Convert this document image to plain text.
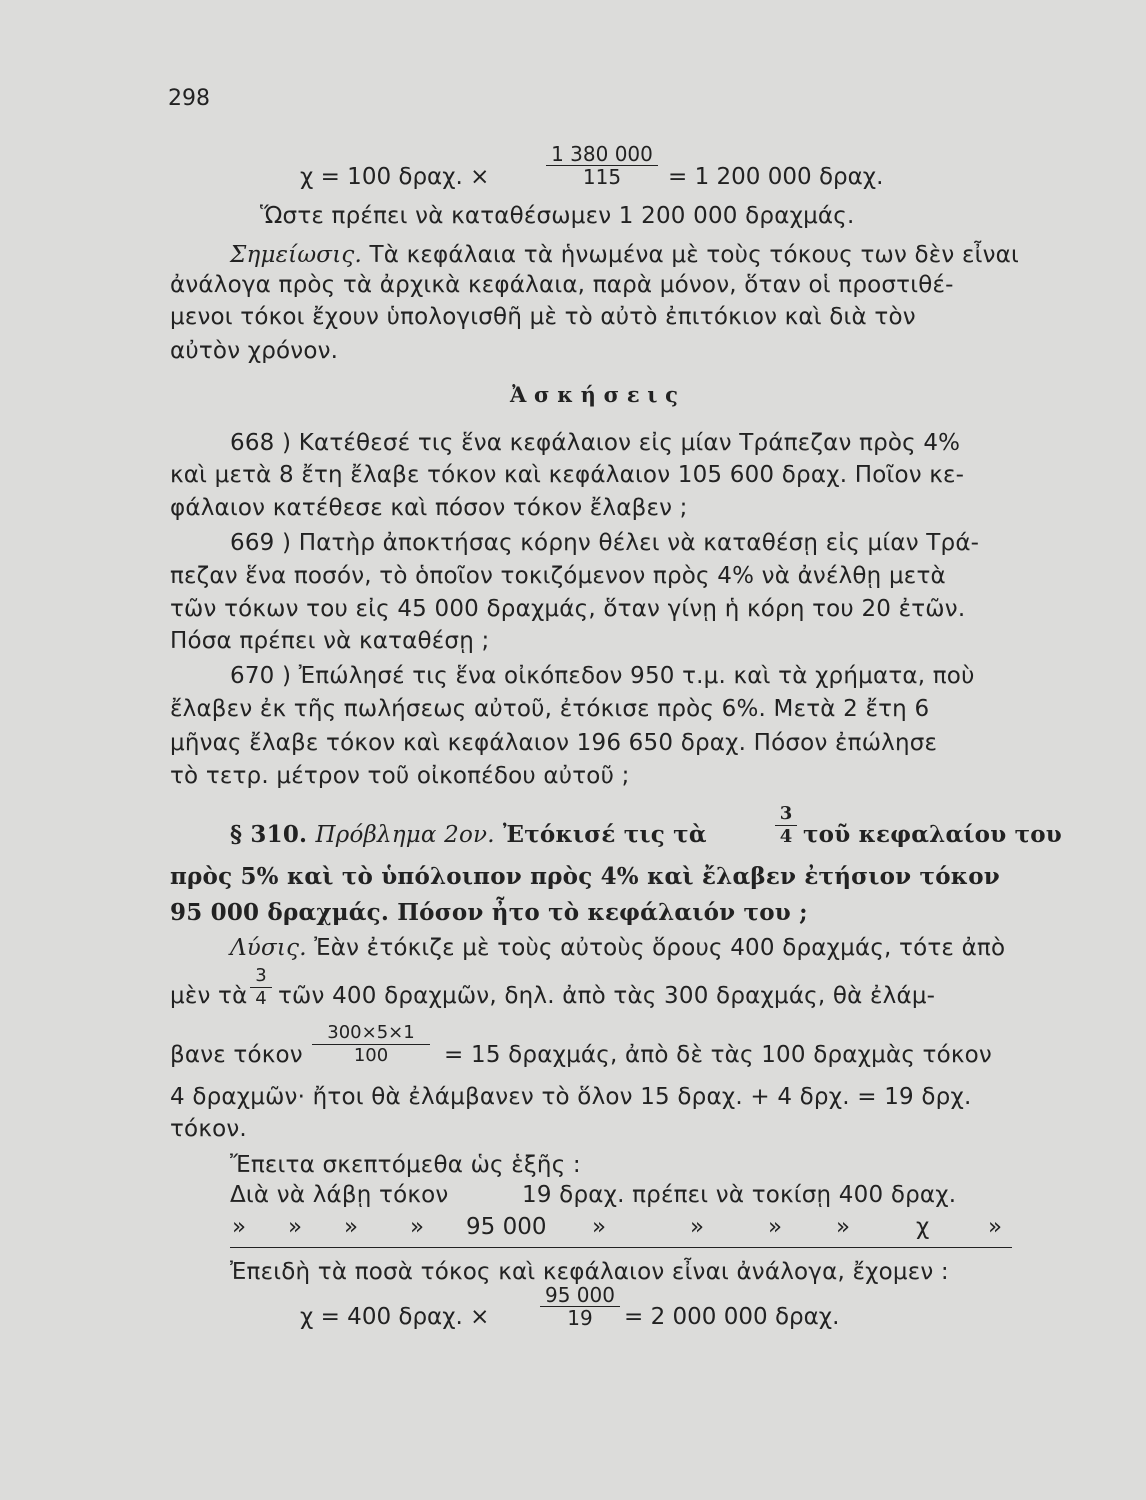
298
χ = 100 δραχ. ×
1 380 000
115	= 1 200 000 δραχ.
Ὥστε πρέπει νὰ καταθέσωμεν 1 200 000 δραχμάς.
Σημείωσις. Τὰ κεφάλαια τὰ ἡνωμένα μὲ τοὺς τόκους των δὲν εἶναι
ἀνάλογα πρὸς τὰ ἀρχικὰ κεφάλαια, παρὰ μόνον, ὅταν οἱ προστιθέ-
μενοι τόκοι ἔχουν ὑπολογισθῆ μὲ τὸ αὐτὸ ἐπιτόκιον καὶ διὰ τὸν
αὐτὸν χρόνον.
Ἀ σ κ ή σ ε ι ς
668 ) Κατέθεσέ τις ἕνα κεφάλαιον εἰς μίαν Τράπεζαν πρὸς 4%
καὶ μετὰ 8 ἔτη ἔλαβε τόκον καὶ κεφάλαιον 105 600 δραχ. Ποῖον κε-
φάλαιον κατέθεσε καὶ πόσον τόκον ἔλαβεν ;
669 ) Πατὴρ ἀποκτήσας κόρην θέλει νὰ καταθέσῃ εἰς μίαν Τρά-
πεζαν ἕνα ποσόν, τὸ ὁποῖον τοκιζόμενον πρὸς 4% νὰ ἀνέλθῃ μετὰ
τῶν τόκων του εἰς 45 000 δραχμάς, ὅταν γίνῃ ἡ κόρη του 20 ἐτῶν.
Πόσα πρέπει νὰ καταθέσῃ ;
670 ) Ἐπώλησέ τις ἕνα οἰκόπεδον 950 τ.μ. καὶ τὰ χρήματα, ποὺ
ἔλαβεν ἐκ τῆς πωλήσεως αὐτοῦ, ἐτόκισε πρὸς 6%. Μετὰ 2 ἔτη 6
μῆνας ἔλαβε τόκον καὶ κεφάλαιον 196 650 δραχ. Πόσον ἐπώλησε
τὸ τετρ. μέτρον τοῦ οἰκοπέδου αὐτοῦ ;
§ 310. Πρόβλημα 2ον. Ἐτόκισέ τις τὰ
3
4 τοῦ κεφαλαίου του
πρὸς 5% καὶ τὸ ὑπόλοιπον πρὸς 4% καὶ ἔλαβεν ἐτήσιον τόκον
95 000 δραχμάς. Πόσον ἦτο τὸ κεφάλαιόν του ;
Λύσις. Ἐὰν ἐτόκιζε μὲ τοὺς αὐτοὺς ὅρους 400 δραχμάς, τότε ἀπὸ
μὲν τὰ
3
4 τῶν 400 δραχμῶν, δηλ. ἀπὸ τὰς 300 δραχμάς, θὰ ἐλάμ-
βανε τόκον
300×5×1
100	= 15 δραχμάς, ἀπὸ δὲ τὰς 100 δραχμὰς τόκον
4 δραχμῶν· ἤτοι θὰ ἐλάμβανεν τὸ ὅλον 15 δραχ. + 4 δρχ. = 19 δρχ.
τόκον.
Ἔπειτα σκεπτόμεθα ὡς ἑξῆς :
Διὰ νὰ λάβῃ τόκον	19 δραχ. πρέπει νὰ τοκίσῃ 400 δραχ.
» » » » 95 000 »	»	» »	χ	»
Ἐπειδὴ τὰ ποσὰ τόκος καὶ κεφάλαιον εἶναι ἀνάλογα, ἔχομεν :
χ = 400 δραχ. ×
95 000
19	= 2 000 000 δραχ.
